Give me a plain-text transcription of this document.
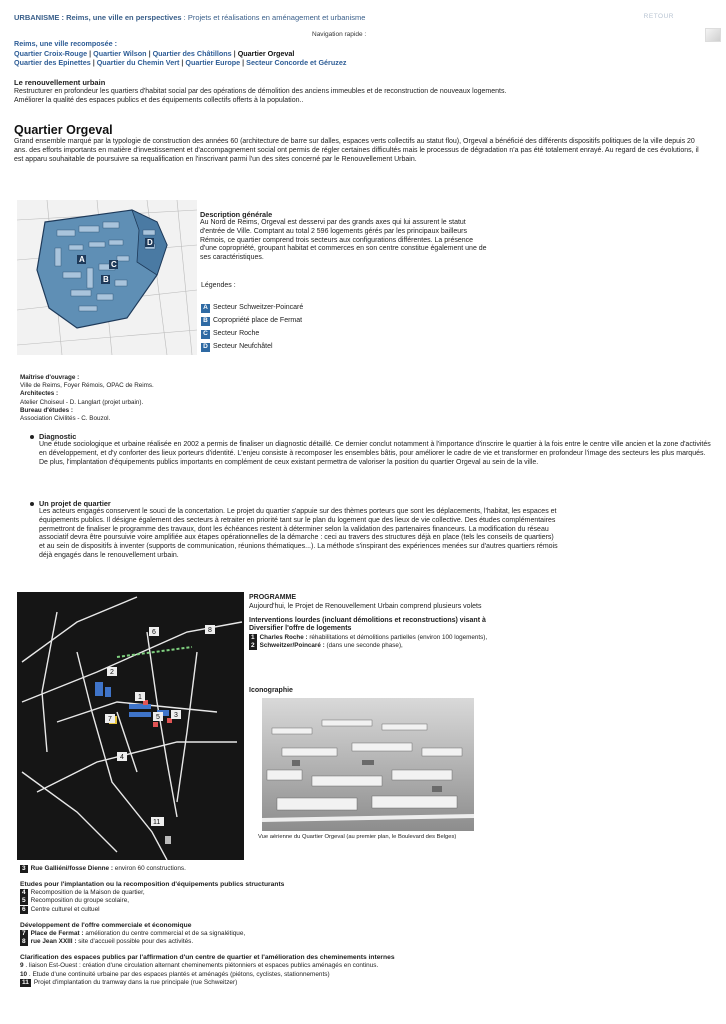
URBANISME : Reims, une ville en perspectives : Projets et réalisations en aménagement et urbanisme	RETOUR
Navigation rapide :
Reims, une ville recomposée :
Quartier Croix-Rouge | Quartier Wilson | Quartier des Châtillons | Quartier Orgeval
Quartier des Epinettes | Quartier du Chemin Vert | Quartier Europe | Secteur Concorde et Géruzez
Le renouvellement urbain

Restructurer en profondeur les quartiers d'habitat social par des opérations de démolition des anciens immeubles et de reconstruction de nouveaux logements.

Améliorer la qualité des espaces publics et des équipements collectifs offerts à la population..

Quartier Orgeval
Grand ensemble marqué par la typologie de construction des années 60 (architecture de barre sur dalles, espaces verts collectifs au statut flou), Orgeval a bénéficié des différents dispositifs politiques de la ville depuis 20 ans. des efforts importants en matière d'investissement et d'accompagnement social ont permis de régler certaines difficultés mais le processus de dégradation n'a pas été totalement enrayé. Au regard de ces évolutions, il est apparu souhaitable de poursuivre sa requalification en l'inscrivant parmi l'un des sites concerné par le Renouvellement Urbain.
A
B
C
D
Description générale

Au Nord de Reims, Orgeval est desservi par des grands axes qui lui assurent le statut d'entrée de Ville. Comptant au total 2 596 logements gérés par les principaux bailleurs Rémois, ce quartier comprend trois secteurs aux configurations différentes. La présence d'une copropriété, groupant habitat et commerces en son centre constitue également une de ses caractéristiques.

Légendes :
A Secteur Schweitzer-Poincaré
B Copropriété place de Fermat
C Secteur Roche
D Secteur Neufchâtel
Maîtrise d'ouvrage :
Ville de Reims, Foyer Rémois, OPAC de Reims.
Architectes :
Atelier Choiseul - D. Langlart (projet urbain).
Bureau d'études :
Association Civilités - C. Bouzol.
Diagnostic

Une étude sociologique et urbaine réalisée en 2002 a permis de finaliser un diagnostic détaillé. Ce dernier conclut notamment à l'importance d'inscrire le quartier à la fois entre le centre ville ancien et la zone d'activités en développement, et d'y conforter des lieux porteurs d'identité. L'enjeu consiste à recomposer les ensembles bâtis, pour améliorer le cadre de vie et transformer en profondeur l'image des secteurs les plus marqués. De plus, l'implantation d'équipements publics importants en complément de ceux existant permettra de valoriser la position du quartier Orgeval au sein de la ville.

Un projet de quartier

Les acteurs engagés conservent le souci de la concertation. Le projet du quartier s'appuie sur des thèmes porteurs que sont les déplacements, l'habitat, les espaces et équipements publics. Il désigne également des secteurs à retraiter en priorité tant sur le plan du logement que des lieux de vie collective. Des études complémentaires permettront de finaliser le programme des travaux, dont les échéances restent à déterminer selon la validation des partenaires financeurs. La modification du réseau associatif devra être poursuivie voire amplifiée aux étapes opérationnelles de la démarche : ceci au travers des structures déjà en place (tels les conseils de quartiers) et au sein de dispositifs à inventer (supports de communication, réunions thématiques...). La méthode s'inspirant des expériences menées sur d'autres quartiers rémois déjà engagés dans le renouvellement urbain.

6	8
2
1
5 3
7
4
11
PROGRAMME
Aujourd'hui, le Projet de Renouvellement Urbain comprend plusieurs volets
Interventions lourdes (incluant démolitions et reconstructions) visant à Diversifier l'offre de logements
1 Charles Roche : réhabilitations et démolitions partielles (environ 100 logements),
2 Schweitzer/Poincaré : (dans une seconde phase),
Iconographie
Vue aérienne du Quartier Orgeval (au premier plan, le Boulevard des Belges)
3 Rue Galliéni/fosse Dienne : environ 60 constructions.
Etudes pour l'implantation ou la recomposition d'équipements publics structurants
4 Recomposition de la Maison de quartier,
5 Recomposition du groupe scolaire,
6 Centre culturel et cultuel
Développement de l'offre commerciale et économique
7 Place de Fermat : amélioration du centre commercial et de sa signalétique,
8 rue Jean XXIII : site d'accueil possible pour des activités.
Clarification des espaces publics par l'affirmation d'un centre de quartier et l'amélioration des cheminements internes
9 . liaison Est-Ouest : création d'une circulation alternant cheminements piétonniers et espaces publics aménagés en continus.
10 . Etude d'une continuité urbaine par des espaces plantés et aménagés (piétons, cyclistes, stationnements)
11 Projet d'implantation du tramway dans la rue principale (rue Schweitzer)
